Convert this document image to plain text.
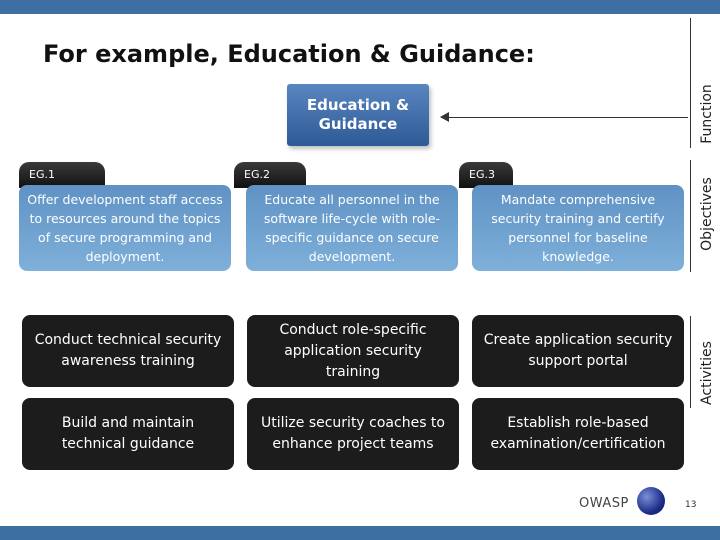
For example, Education & Guidance:
Education &
Guidance	Function
Objectives
Activities
EG.1
Offer development staff access to resources around the topics of secure programming and deployment.
Conduct technical security awareness training
Build and maintain technical guidance
EG.2
Educate all personnel in the software life-cycle with role-specific guidance on secure development.
Conduct role-specific application security training
Utilize security coaches to enhance project teams
EG.3
Mandate comprehensive security training and certify personnel for baseline knowledge.
Create application security support portal
Establish role-based examination/certification
OWASP	13
